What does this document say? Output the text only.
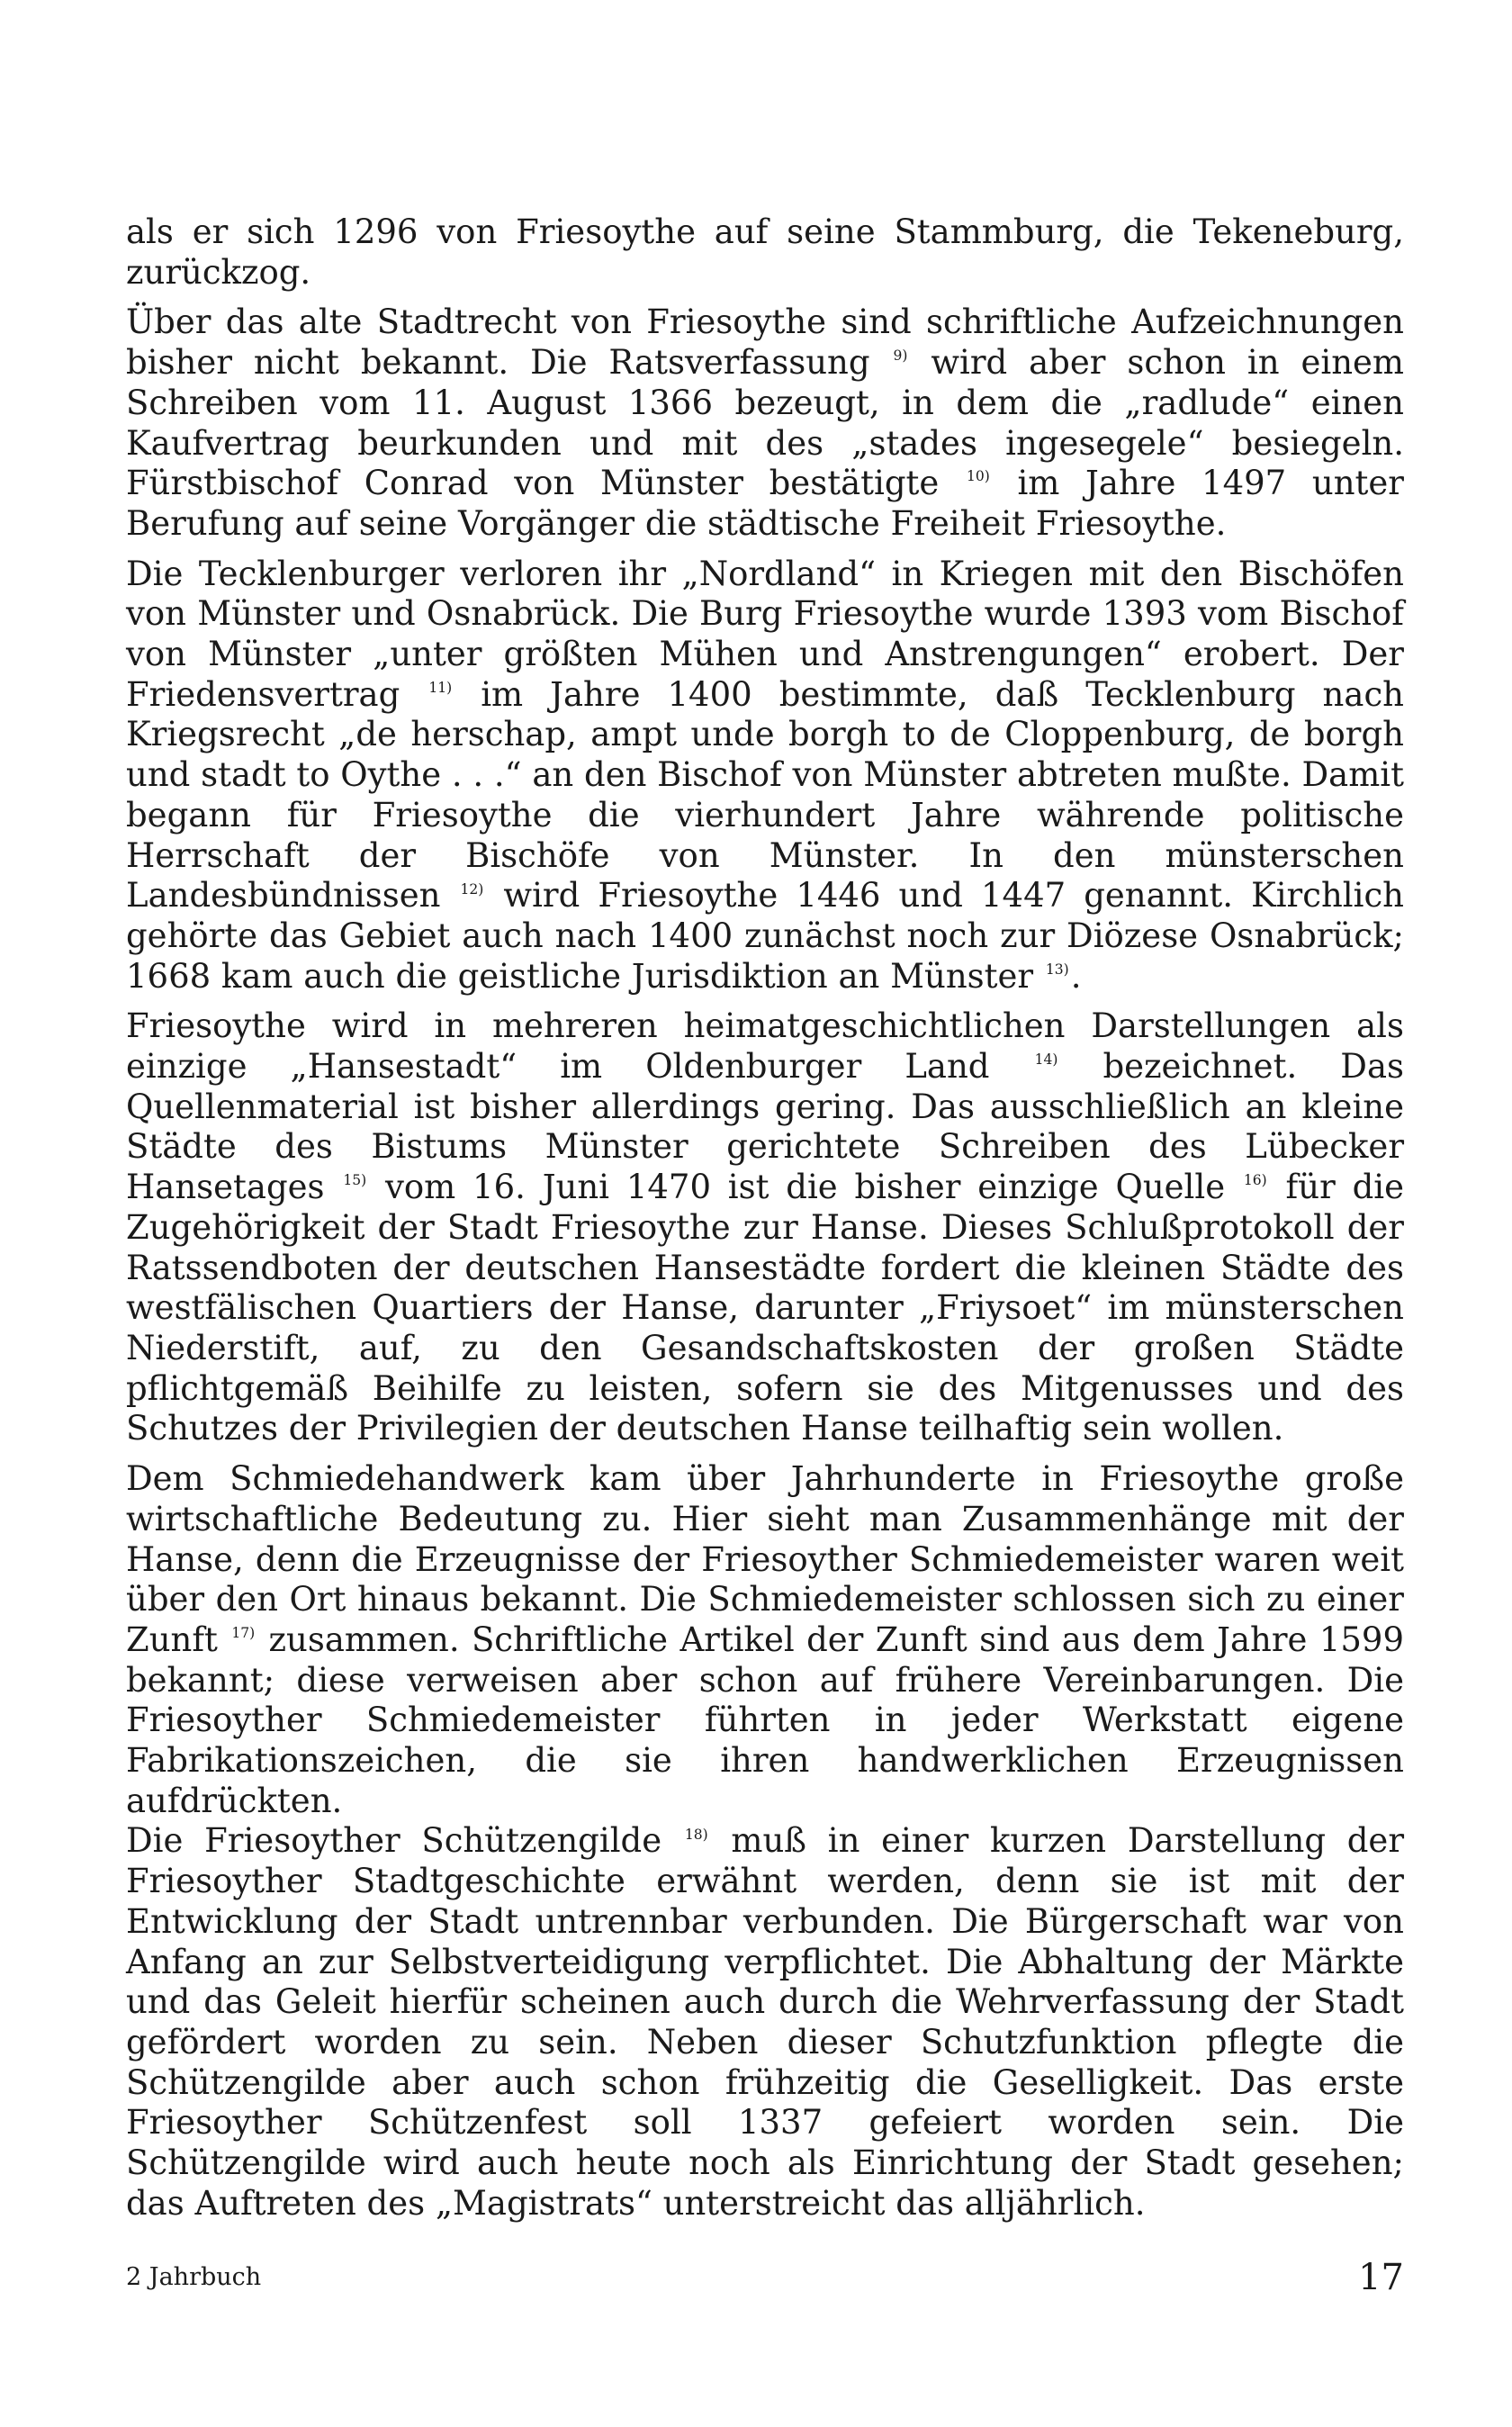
als er sich 1296 von Friesoythe auf seine Stammburg, die Tekeneburg, zurückzog.

Über das alte Stadtrecht von Friesoythe sind schriftliche Aufzeichnungen bisher nicht bekannt. Die Ratsverfassung $^{9)}$ wird aber schon in einem Schreiben vom 11. August 1366 bezeugt, in dem die „radlude“ einen Kaufvertrag beurkunden und mit des „stades ingesegele“ besiegeln. Fürstbischof Conrad von Münster bestätigte $^{10)}$ im Jahre 1497 unter Berufung auf seine Vorgänger die städtische Freiheit Friesoythe.

Die Tecklenburger verloren ihr „Nordland“ in Kriegen mit den Bischöfen von Münster und Osnabrück. Die Burg Friesoythe wurde 1393 vom Bischof von Münster „unter größten Mühen und Anstrengungen“ erobert. Der Friedensvertrag $^{11)}$ im Jahre 1400 bestimmte, daß Tecklenburg nach Kriegsrecht „de herschap, ampt unde borgh to de Cloppenburg, de borgh und stadt to Oythe . . .“ an den Bischof von Münster abtreten mußte. Damit begann für Friesoythe die vierhundert Jahre währende politische Herrschaft der Bischöfe von Münster. In den münsterschen Landesbündnissen $^{12)}$ wird Friesoythe 1446 und 1447 genannt. Kirchlich gehörte das Gebiet auch nach 1400 zunächst noch zur Diözese Osnabrück; 1668 kam auch die geistliche Jurisdiktion an Münster $^{13)}$.

Friesoythe wird in mehreren heimatgeschichtlichen Darstellungen als einzige „Hansestadt“ im Oldenburger Land $^{14)}$ bezeichnet. Das Quellenmaterial ist bisher allerdings gering. Das ausschließlich an kleine Städte des Bistums Münster gerichtete Schreiben des Lübecker Hansetages $^{15)}$ vom 16. Juni 1470 ist die bisher einzige Quelle $^{16)}$ für die Zugehörigkeit der Stadt Friesoythe zur Hanse. Dieses Schlußprotokoll der Ratssendboten der deutschen Hansestädte fordert die kleinen Städte des westfälischen Quartiers der Hanse, darunter „Friysoet“ im münsterschen Niederstift, auf, zu den Gesandschaftskosten der großen Städte pflichtgemäß Beihilfe zu leisten, sofern sie des Mitgenusses und des Schutzes der Privilegien der deutschen Hanse teilhaftig sein wollen.

Dem Schmiedehandwerk kam über Jahrhunderte in Friesoythe große wirtschaftliche Bedeutung zu. Hier sieht man Zusammenhänge mit der Hanse, denn die Erzeugnisse der Friesoyther Schmiedemeister waren weit über den Ort hinaus bekannt. Die Schmiedemeister schlossen sich zu einer Zunft $^{17)}$ zusammen. Schriftliche Artikel der Zunft sind aus dem Jahre 1599 bekannt; diese verweisen aber schon auf frühere Vereinbarungen. Die Friesoyther Schmiedemeister führten in jeder Werkstatt eigene Fabrikationszeichen, die sie ihren handwerklichen Erzeugnissen aufdrückten.

Die Friesoyther Schützengilde $^{18)}$ muß in einer kurzen Darstellung der Friesoyther Stadtgeschichte erwähnt werden, denn sie ist mit der Entwicklung der Stadt untrennbar verbunden. Die Bürgerschaft war von Anfang an zur Selbstverteidigung verpflichtet. Die Abhaltung der Märkte und das Geleit hierfür scheinen auch durch die Wehrverfassung der Stadt gefördert worden zu sein. Neben dieser Schutzfunktion pflegte die Schützengilde aber auch schon frühzeitig die Geselligkeit. Das erste Friesoyther Schützenfest soll 1337 gefeiert worden sein. Die Schützengilde wird auch heute noch als Einrichtung der Stadt gesehen; das Auftreten des „Magistrats“ unterstreicht das alljährlich.

2 Jahrbuch	17
